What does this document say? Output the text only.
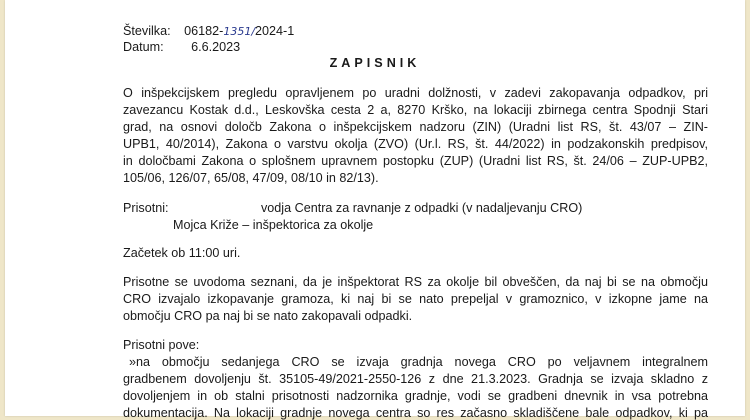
Številka: 06182-1351/2024-1
Datum: 6.6.2023
ZAPISNIK
O inšpekcijskem pregledu opravljenem po uradni dolžnosti, v zadevi zakopavanja odpadkov, pri
zavezancu Kostak d.d., Leskovška cesta 2 a, 8270 Krško, na lokaciji zbirnega centra Spodnji Stari
grad, na osnovi določb Zakona o inšpekcijskem nadzoru (ZIN) (Uradni list RS, št. 43/07 – ZIN-
UPB1, 40/2014), Zakona o varstvu okolja (ZVO) (Ur.l. RS, št. 44/2022) in podzakonskih predpisov,
in določbami Zakona o splošnem upravnem postopku (ZUP) (Uradni list RS, št. 24/06 – ZUP-UPB2,
105/06, 126/07, 65/08, 47/09, 08/10 in 82/13).
Prisotni:	vodja Centra za ravnanje z odpadki (v nadaljevanju CRO)
Mojca Križe – inšpektorica za okolje
Začetek ob 11:00 uri.
Prisotne se uvodoma seznani, da je inšpektorat RS za okolje bil obveščen, da naj bi se na območju
CRO izvajalo izkopavanje gramoza, ki naj bi se nato prepeljal v gramoznico, v izkopne jame na
območju CRO pa naj bi se nato zakopavali odpadki.
Prisotni pove:
»na območju sedanjega CRO se izvaja gradnja novega CRO po veljavnem integralnem
gradbenem dovoljenju št. 35105-49/2021-2550-126 z dne 21.3.2023. Gradnja se izvaja skladno z
dovoljenjem in ob stalni prisotnosti nadzornika gradnje, vodi se gradbeni dnevnik in vsa potrebna
dokumentacija. Na lokaciji gradnje novega centra so res začasno skladiščene bale odpadkov, ki pa
